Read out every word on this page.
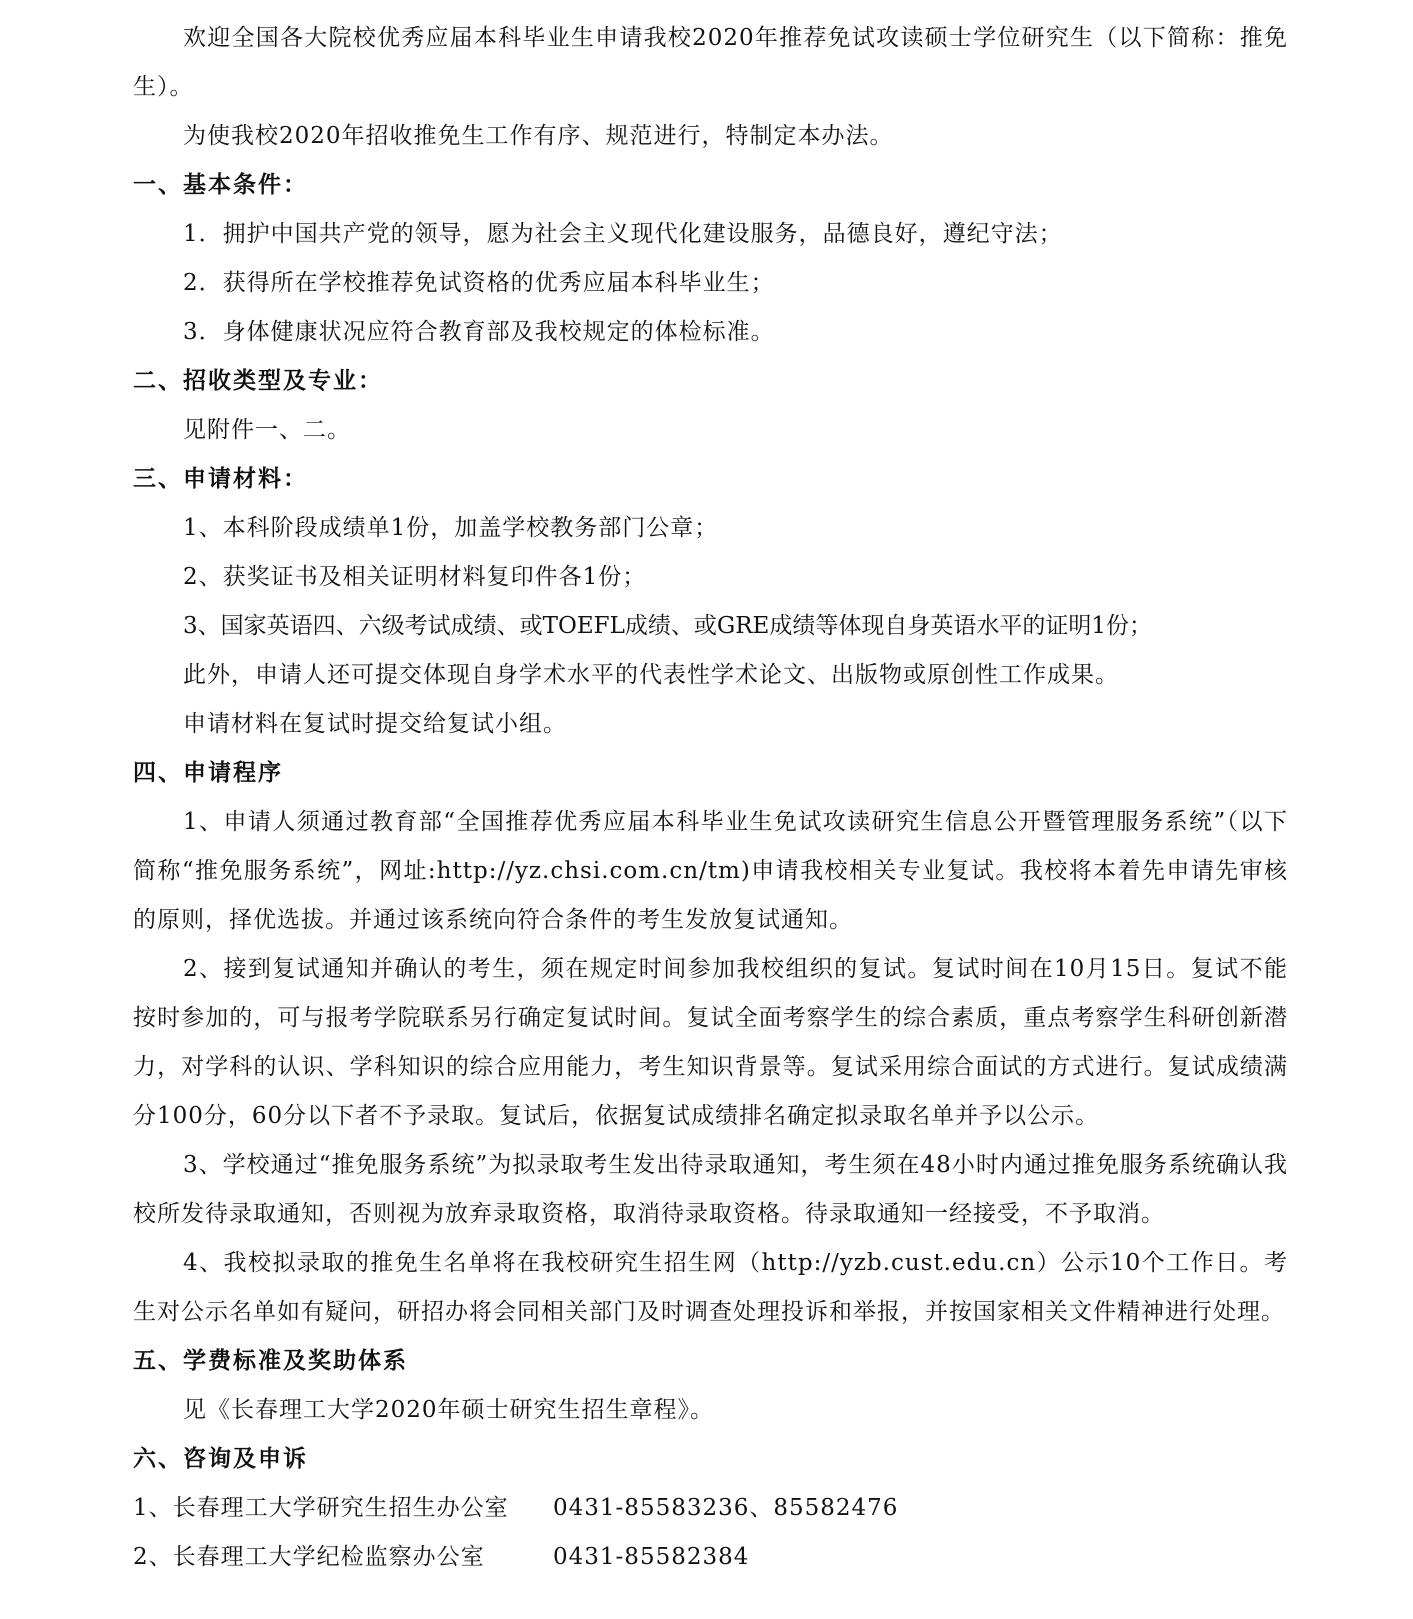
欢迎全国各大院校优秀应届本科毕业生申请我校2020年推荐免试攻读硕士学位研究生（以下简称：推免生）。

为使我校2020年招收推免生工作有序、规范进行，特制定本办法。

一、基本条件：

1．拥护中国共产党的领导，愿为社会主义现代化建设服务，品德良好，遵纪守法；

2．获得所在学校推荐免试资格的优秀应届本科毕业生；

3．身体健康状况应符合教育部及我校规定的体检标准。

二、招收类型及专业：

见附件一、二。

三、申请材料：

1、本科阶段成绩单1份，加盖学校教务部门公章；

2、获奖证书及相关证明材料复印件各1份；

3、国家英语四、六级考试成绩、或TOEFL成绩、或GRE成绩等体现自身英语水平的证明1份；

此外，申请人还可提交体现自身学术水平的代表性学术论文、出版物或原创性工作成果。

申请材料在复试时提交给复试小组。

四、申请程序

1、申请人须通过教育部“全国推荐优秀应届本科毕业生免试攻读研究生信息公开暨管理服务系统”（以下简称“推免服务系统”，网址:http://yz.chsi.com.cn/tm)申请我校相关专业复试。我校将本着先申请先审核的原则，择优选拔。并通过该系统向符合条件的考生发放复试通知。

2、接到复试通知并确认的考生，须在规定时间参加我校组织的复试。复试时间在10月15日。复试不能按时参加的，可与报考学院联系另行确定复试时间。复试全面考察学生的综合素质，重点考察学生科研创新潜力，对学科的认识、学科知识的综合应用能力，考生知识背景等。复试采用综合面试的方式进行。复试成绩满分100分，60分以下者不予录取。复试后，依据复试成绩排名确定拟录取名单并予以公示。

3、学校通过“推免服务系统”为拟录取考生发出待录取通知，考生须在48小时内通过推免服务系统确认我校所发待录取通知，否则视为放弃录取资格，取消待录取资格。待录取通知一经接受，不予取消。

4、我校拟录取的推免生名单将在我校研究生招生网（http://yzb.cust.edu.cn）公示10个工作日。考生对公示名单如有疑问，研招办将会同相关部门及时调查处理投诉和举报，并按国家相关文件精神进行处理。

五、学费标准及奖助体系

见《长春理工大学2020年硕士研究生招生章程》。

六、咨询及申诉

1、长春理工大学研究生招生办公室 0431-85583236、85582476

2、长春理工大学纪检监察办公室	0431-85582384
